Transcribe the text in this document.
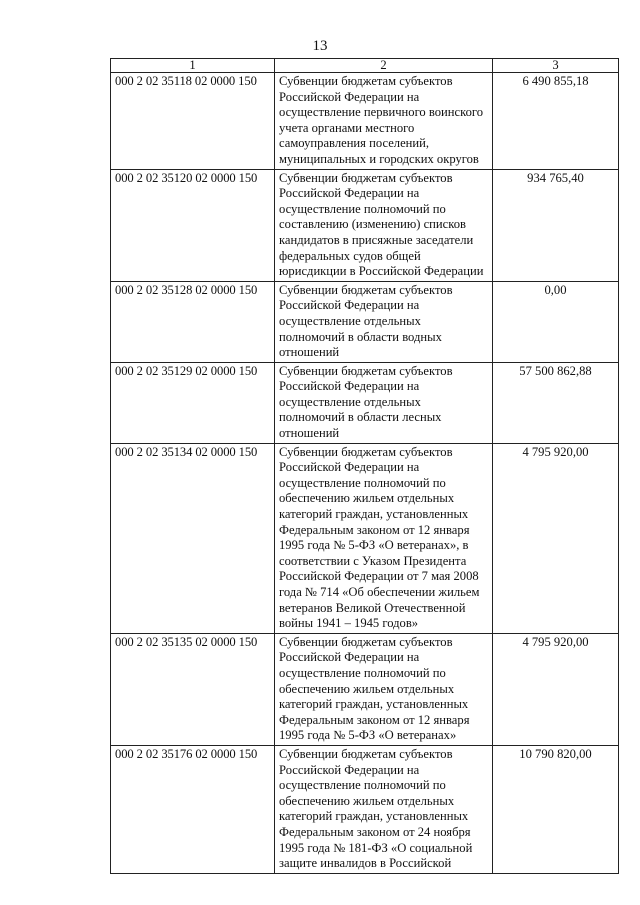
13
1	2	3
000 2 02 35118 02 0000 150	Субвенции бюджетам субъектов Российской Федерации на осуществление первичного воинского учета органами местного самоуправления поселений, муниципальных и городских округов	6 490 855,18
000 2 02 35120 02 0000 150	Субвенции бюджетам субъектов Российской Федерации на осуществление полномочий по составлению (изменению) списков кандидатов в присяжные заседатели федеральных судов общей юрисдикции в Российской Федерации	934 765,40
000 2 02 35128 02 0000 150	Субвенции бюджетам субъектов Российской Федерации на осуществление отдельных полномочий в области водных отношений	0,00
000 2 02 35129 02 0000 150	Субвенции бюджетам субъектов Российской Федерации на осуществление отдельных полномочий в области лесных отношений	57 500 862,88
000 2 02 35134 02 0000 150	Субвенции бюджетам субъектов Российской Федерации на осуществление полномочий по обеспечению жильем отдельных категорий граждан, установленных Федеральным законом от 12 января 1995 года № 5-ФЗ «О ветеранах», в соответствии с Указом Президента Российской Федерации от 7 мая 2008 года № 714 «Об обеспечении жильем ветеранов Великой Отечественной войны 1941 – 1945 годов»	4 795 920,00
000 2 02 35135 02 0000 150	Субвенции бюджетам субъектов Российской Федерации на осуществление полномочий по обеспечению жильем отдельных категорий граждан, установленных Федеральным законом от 12 января 1995 года № 5-ФЗ «О ветеранах»	4 795 920,00
000 2 02 35176 02 0000 150	Субвенции бюджетам субъектов Российской Федерации на осуществление полномочий по обеспечению жильем отдельных категорий граждан, установленных Федеральным законом от 24 ноября 1995 года № 181-ФЗ «О социальной защите инвалидов в Российской	10 790 820,00
